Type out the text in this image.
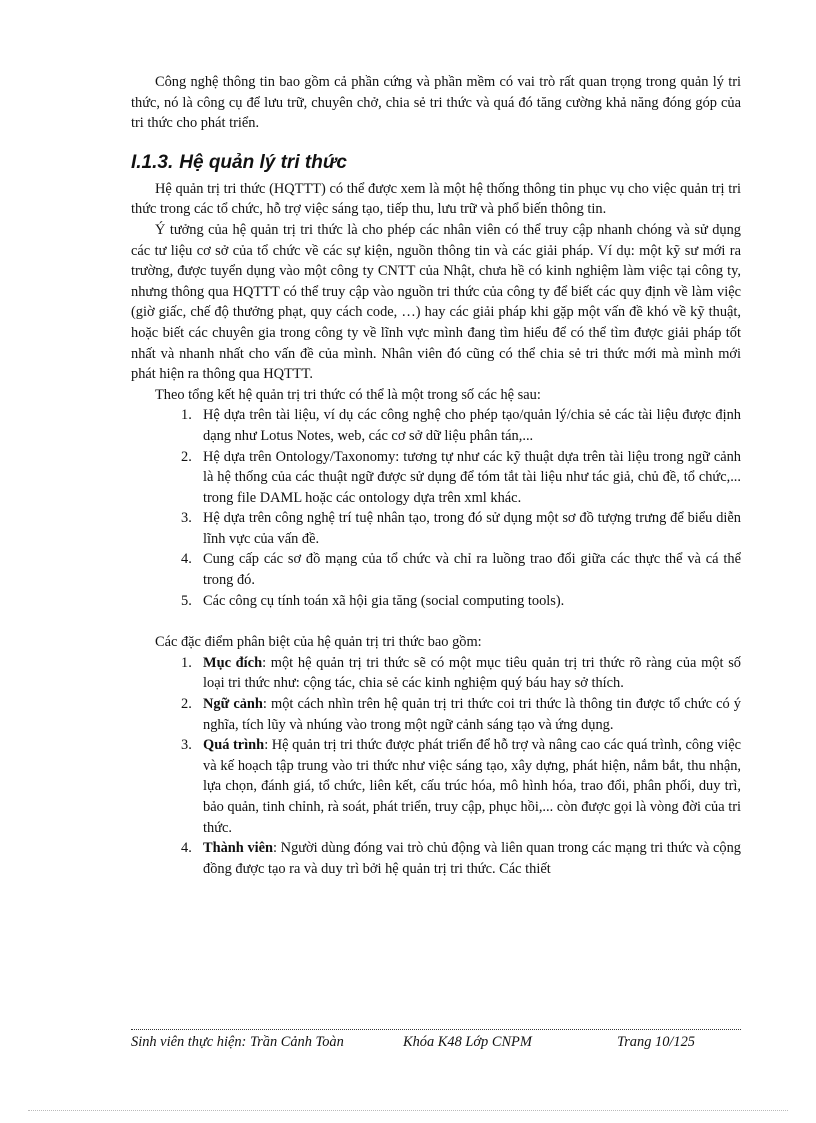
Công nghệ thông tin bao gồm cả phần cứng và phần mềm có vai trò rất quan trọng trong quản lý tri thức, nó là công cụ để lưu trữ, chuyên chở, chia sẻ tri thức và quá đó tăng cường khả năng đóng góp của tri thức cho phát triển.

I.1.3. Hệ quản lý tri thức

Hệ quản trị tri thức (HQTTT) có thể được xem là một hệ thống thông tin phục vụ cho việc quản trị tri thức trong các tổ chức, hỗ trợ việc sáng tạo, tiếp thu, lưu trữ và phổ biến thông tin.

Ý tưởng của hệ quản trị tri thức là cho phép các nhân viên có thể truy cập nhanh chóng và sử dụng các tư liệu cơ sở của tổ chức về các sự kiện, nguồn thông tin và các giải pháp. Ví dụ: một kỹ sư mới ra trường, được tuyển dụng vào một công ty CNTT của Nhật, chưa hề có kinh nghiệm làm việc tại công ty, nhưng thông qua HQTTT có thể truy cập vào nguồn tri thức của công ty để biết các quy định về làm việc (giờ giấc, chế độ thưởng phạt, quy cách code, …) hay các giải pháp khi gặp một vấn đề khó về kỹ thuật, hoặc biết các chuyên gia trong công ty về lĩnh vực mình đang tìm hiểu để có thể tìm được giải pháp tốt nhất và nhanh nhất cho vấn đề của mình. Nhân viên đó cũng có thể chia sẻ tri thức mới mà mình mới phát hiện ra thông qua HQTTT.

Theo tổng kết hệ quản trị tri thức có thể là một trong số các hệ sau:

1. Hệ dựa trên tài liệu, ví dụ các công nghệ cho phép tạo/quản lý/chia sẻ các tài liệu được định dạng như Lotus Notes, web, các cơ sở dữ liệu phân tán,...
2. Hệ dựa trên Ontology/Taxonomy: tương tự như các kỹ thuật dựa trên tài liệu trong ngữ cảnh là hệ thống của các thuật ngữ được sử dụng để tóm tắt tài liệu như tác giả, chủ đề, tổ chức,... trong file DAML hoặc các ontology dựa trên xml khác.
3. Hệ dựa trên công nghệ trí tuệ nhân tạo, trong đó sử dụng một sơ đồ tượng trưng để biểu diễn lĩnh vực của vấn đề.
4. Cung cấp các sơ đồ mạng của tổ chức và chỉ ra luồng trao đổi giữa các thực thể và cá thể trong đó.
5. Các công cụ tính toán xã hội gia tăng (social computing tools).

Các đặc điểm phân biệt của hệ quản trị tri thức bao gồm:

1. Mục đích: một hệ quản trị tri thức sẽ có một mục tiêu quản trị tri thức rõ ràng của một số loại tri thức như: cộng tác, chia sẻ các kinh nghiệm quý báu hay sở thích.
2. Ngữ cảnh: một cách nhìn trên hệ quản trị tri thức coi tri thức là thông tin được tổ chức có ý nghĩa, tích lũy và nhúng vào trong một ngữ cảnh sáng tạo và ứng dụng.
3. Quá trình: Hệ quản trị tri thức được phát triển để hỗ trợ và nâng cao các quá trình, công việc và kế hoạch tập trung vào tri thức như việc sáng tạo, xây dựng, phát hiện, nắm bắt, thu nhận, lựa chọn, đánh giá, tổ chức, liên kết, cấu trúc hóa, mô hình hóa, trao đổi, phân phối, duy trì, bảo quản, tinh chỉnh, rà soát, phát triển, truy cập, phục hồi,... còn được gọi là vòng đời của tri thức.
4. Thành viên: Người dùng đóng vai trò chủ động và liên quan trong các mạng tri thức và cộng đồng được tạo ra và duy trì bởi hệ quản trị tri thức. Các thiết
Sinh viên thực hiện: Trần Cảnh Toàn	Khóa K48 Lớp CNPM	Trang 10/125
